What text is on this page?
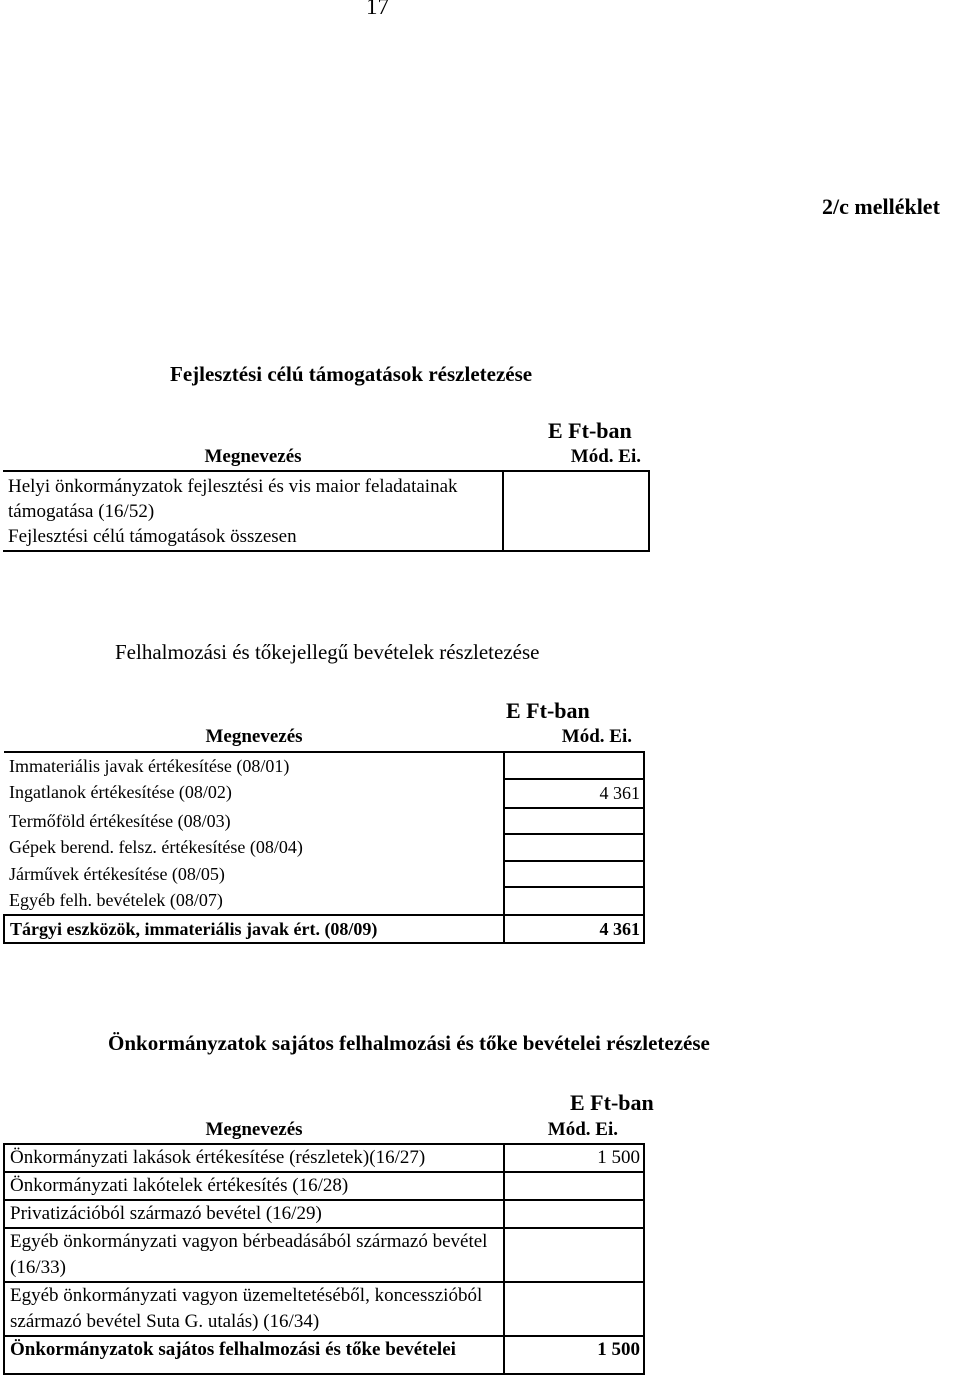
17
2/c melléklet
Fejlesztési célú támogatások részletezése
E Ft-ban
Megnevezés	Mód. Ei.
Helyi önkormányzatok fejlesztési és vis maior feladatainak támogatása (16/52)	
Fejlesztési célú támogatások összesen	
Felhalmozási és tőkejellegű bevételek részletezése
E Ft-ban
Megnevezés	Mód. Ei.
Immateriális javak értékesítése (08/01)	
Ingatlanok értékesítése (08/02)	4 361
Termőföld értékesítése (08/03)	
Gépek berend. felsz. értékesítése (08/04)	
Járművek értékesítése (08/05)	
Egyéb felh. bevételek (08/07)	
Tárgyi eszközök, immateriális javak ért. (08/09)	4 361
Önkormányzatok sajátos felhalmozási és tőke bevételei részletezése
E Ft-ban
Megnevezés	Mód. Ei.
Önkormányzati lakások értékesítése (részletek)(16/27)	1 500
Önkormányzati lakótelek értékesítés (16/28)	
Privatizációból származó bevétel (16/29)	
Egyéb önkormányzati vagyon bérbeadásából származó bevétel (16/33)	
Egyéb önkormányzati vagyon üzemeltetéséből, koncesszióból származó bevétel Suta G. utalás) (16/34)	
Önkormányzatok sajátos felhalmozási és tőke bevételei	1 500
